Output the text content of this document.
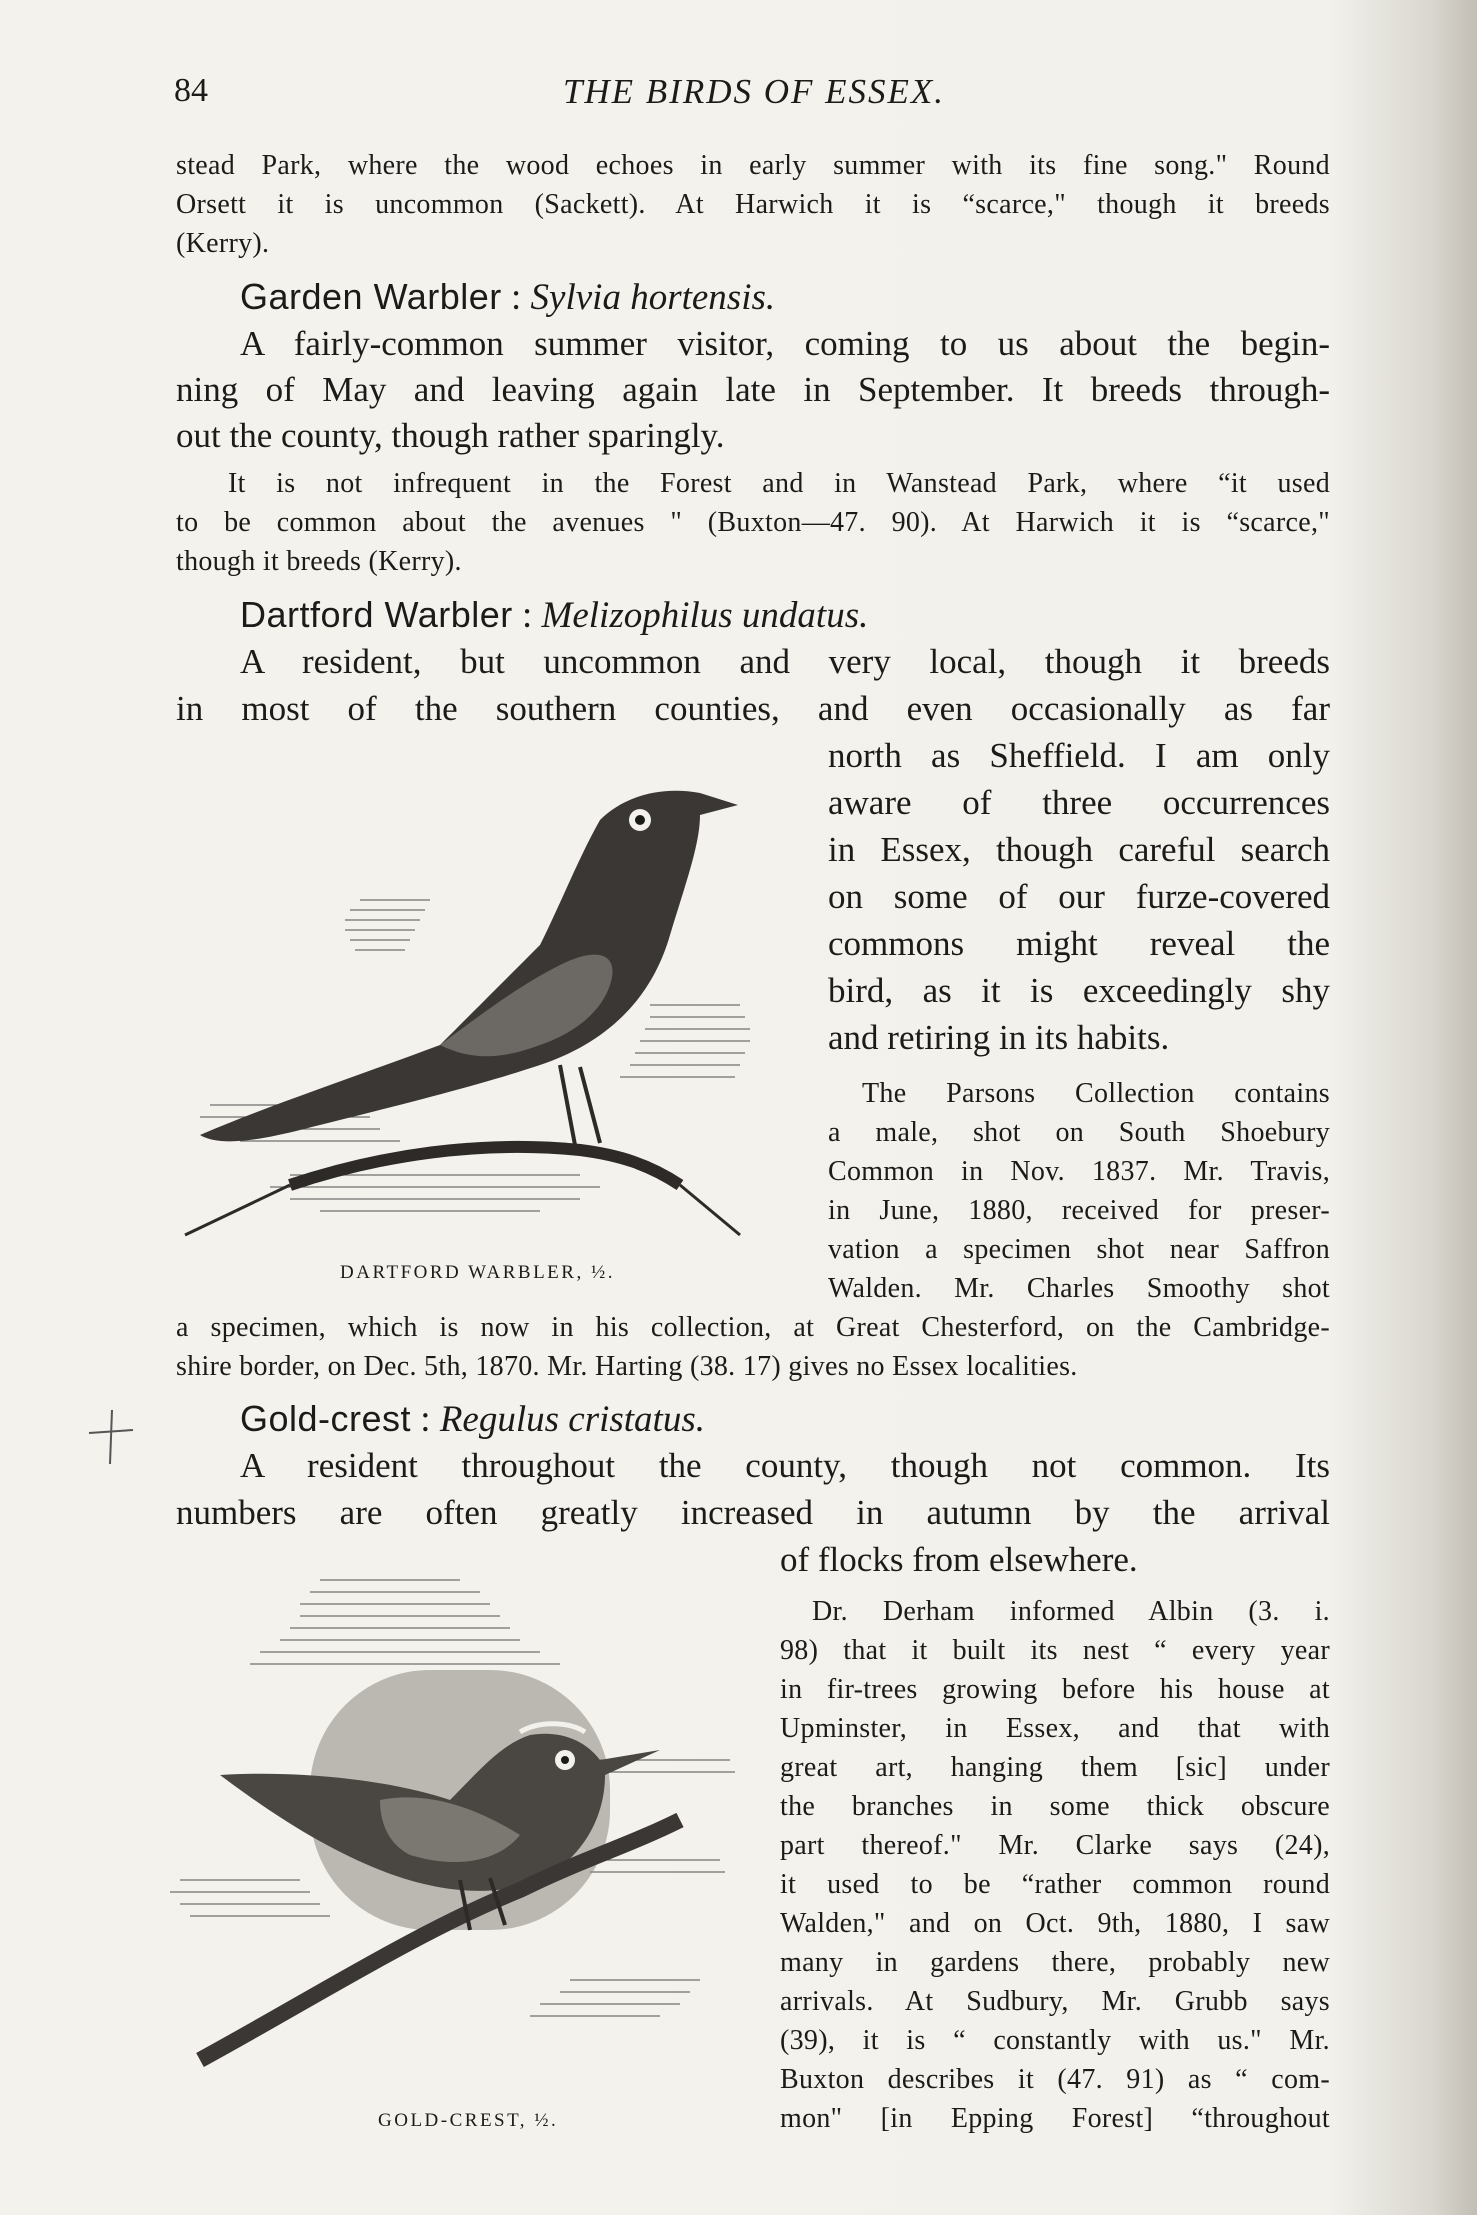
84	THE BIRDS OF ESSEX.
stead Park, where the wood echoes in early summer with its fine song." Round
Orsett it is uncommon (Sackett). At Harwich it is “scarce," though it breeds
(Kerry).
Garden Warbler : Sylvia hortensis.
A fairly-common summer visitor, coming to us about the begin-
ning of May and leaving again late in September. It breeds through-
out the county, though rather sparingly.
It is not infrequent in the Forest and in Wanstead Park, where “it used
to be common about the avenues " (Buxton—47. 90). At Harwich it is “scarce,"
though it breeds (Kerry).
Dartford Warbler : Melizophilus undatus.
A resident, but uncommon and very local, though it breeds
in most of the southern counties, and even occasionally as far
north as Sheffield. I am only
aware of three occurrences
in Essex, though careful search
on some of our furze-covered
commons might reveal the
bird, as it is exceedingly shy
and retiring in its habits.
The Parsons Collection contains
a male, shot on South Shoebury
Common in Nov. 1837. Mr. Travis,
in June, 1880, received for preser-
vation a specimen shot near Saffron
Walden. Mr. Charles Smoothy shot
a specimen, which is now in his collection, at Great Chesterford, on the Cambridge-
shire border, on Dec. 5th, 1870. Mr. Harting (38. 17) gives no Essex localities.
DARTFORD WARBLER, ½.
Gold-crest : Regulus cristatus.
A resident throughout the county, though not common. Its
numbers are often greatly increased in autumn by the arrival
of flocks from elsewhere.
Dr. Derham informed Albin (3. i.
98) that it built its nest “ every year
in fir-trees growing before his house at
Upminster, in Essex, and that with
great art, hanging them [sic] under
the branches in some thick obscure
part thereof." Mr. Clarke says (24),
it used to be “rather common round
Walden," and on Oct. 9th, 1880, I saw
many in gardens there, probably new
arrivals. At Sudbury, Mr. Grubb says
(39), it is “ constantly with us." Mr.
Buxton describes it (47. 91) as “ com-
mon" [in Epping Forest] “throughout
GOLD-CREST, ½.
